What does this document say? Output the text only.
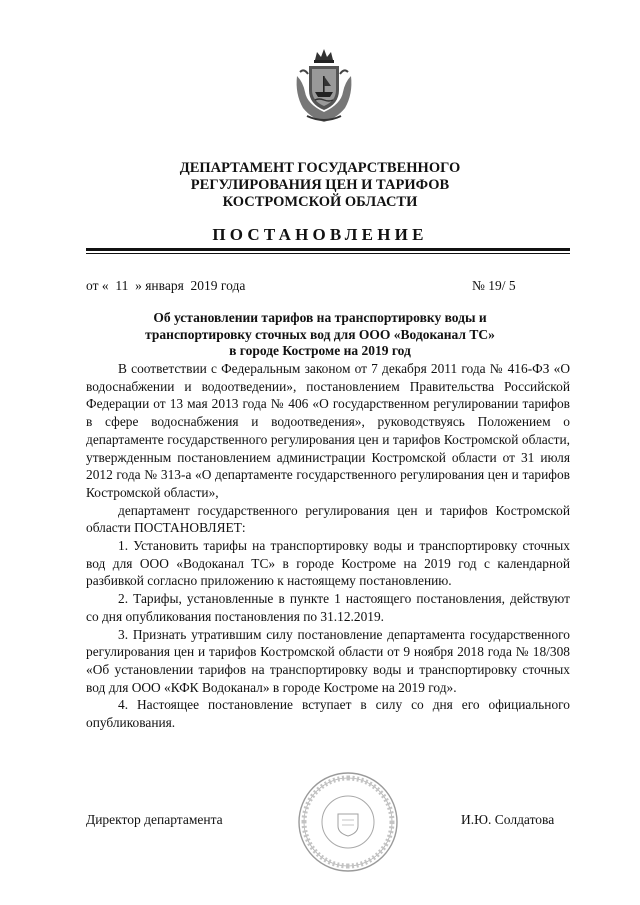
ДЕПАРТАМЕНТ ГОСУДАРСТВЕННОГО
РЕГУЛИРОВАНИЯ ЦЕН И ТАРИФОВ
КОСТРОМСКОЙ ОБЛАСТИ
ПОСТАНОВЛЕНИЕ
от «  11  » января  2019 года	№ 19/ 5
Об установлении тарифов на транспортировку воды и
транспортировку сточных вод для ООО «Водоканал ТС»
в городе Костроме на 2019 год

В соответствии с Федеральным законом от 7 декабря 2011 года № 416-ФЗ «О водоснабжении и водоотведении», постановлением Правительства Российской Федерации от 13 мая 2013 года № 406 «О государственном регулировании тарифов в сфере водоснабжения и водоотведения», руководствуясь Положением о департаменте государственного регулирования цен и тарифов Костромской области, утвержденным постановлением администрации Костромской области от 31 июля 2012 года № 313-а «О департаменте государственного регулирования цен и тарифов Костромской области»,

департамент государственного регулирования цен и тарифов Костромской области ПОСТАНОВЛЯЕТ:

1. Установить тарифы на транспортировку воды и транспортировку сточных вод для ООО «Водоканал ТС» в городе Костроме на 2019 год с календарной разбивкой согласно приложению к настоящему постановлению.

2. Тарифы, установленные в пункте 1 настоящего постановления, действуют со дня опубликования постановления по 31.12.2019.

3. Признать утратившим силу постановление департамента государственного регулирования цен и тарифов Костромской области от 9 ноября 2018 года № 18/308 «Об установлении тарифов на транспортировку воды и транспортировку сточных вод для ООО «КФК Водоканал» в городе Костроме на 2019 год».

4. Настоящее постановление вступает в силу со дня его официального опубликования.

Директор департамента	И.Ю. Солдатова
